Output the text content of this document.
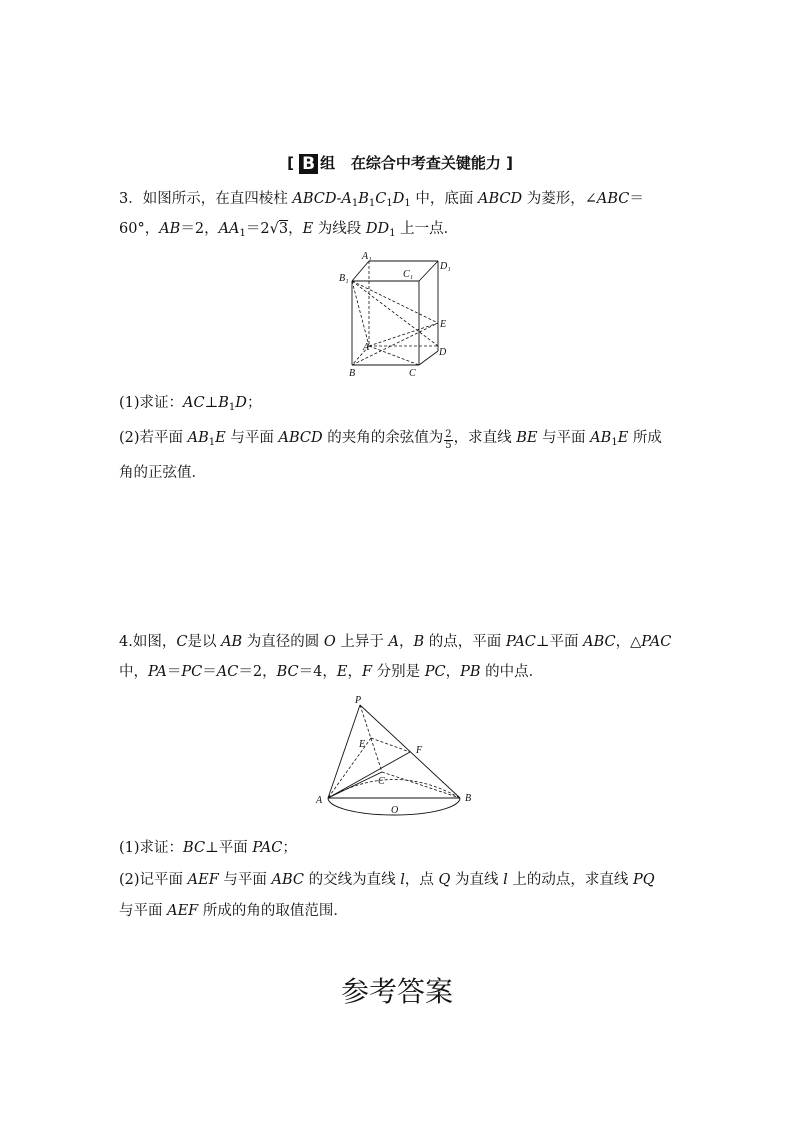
[ B 组 在综合中考查关键能力 ]
3．如图所示，在直四棱柱 ABCD-$A_1B_1C_1D_1$ 中，底面 ABCD 为菱形，∠ABC＝
60°，AB＝2，$AA_1=2√3$，E 为线段 $DD_1$ 上一点．
A₁
C₁
D₁
B₁
E
A	D
B	C
(1)求证：$AC\perp B_1D$；
(2)若平面 $AB_1E$ 与平面 ABCD 的夹角的余弦值为 $\frac{2}{5}$ ，求直线 BE 与平面 $AB_1E$ 所成
角的正弦值．
4.如图，C是以 AB 为直径的圆 O 上异于 A，B 的点，平面 PAC⊥平面 ABC，△PAC
中，PA＝PC＝AC＝2，BC＝4，E，F 分别是 PC，PB 的中点．
P
E
F
C
A	B
O
(1)求证：BC⊥平面 PAC；
(2)记平面 AEF 与平面 ABC 的交线为直线 l，点 Q 为直线 l 上的动点，求直线 PQ
与平面 AEF 所成的角的取值范围．
参考答案
